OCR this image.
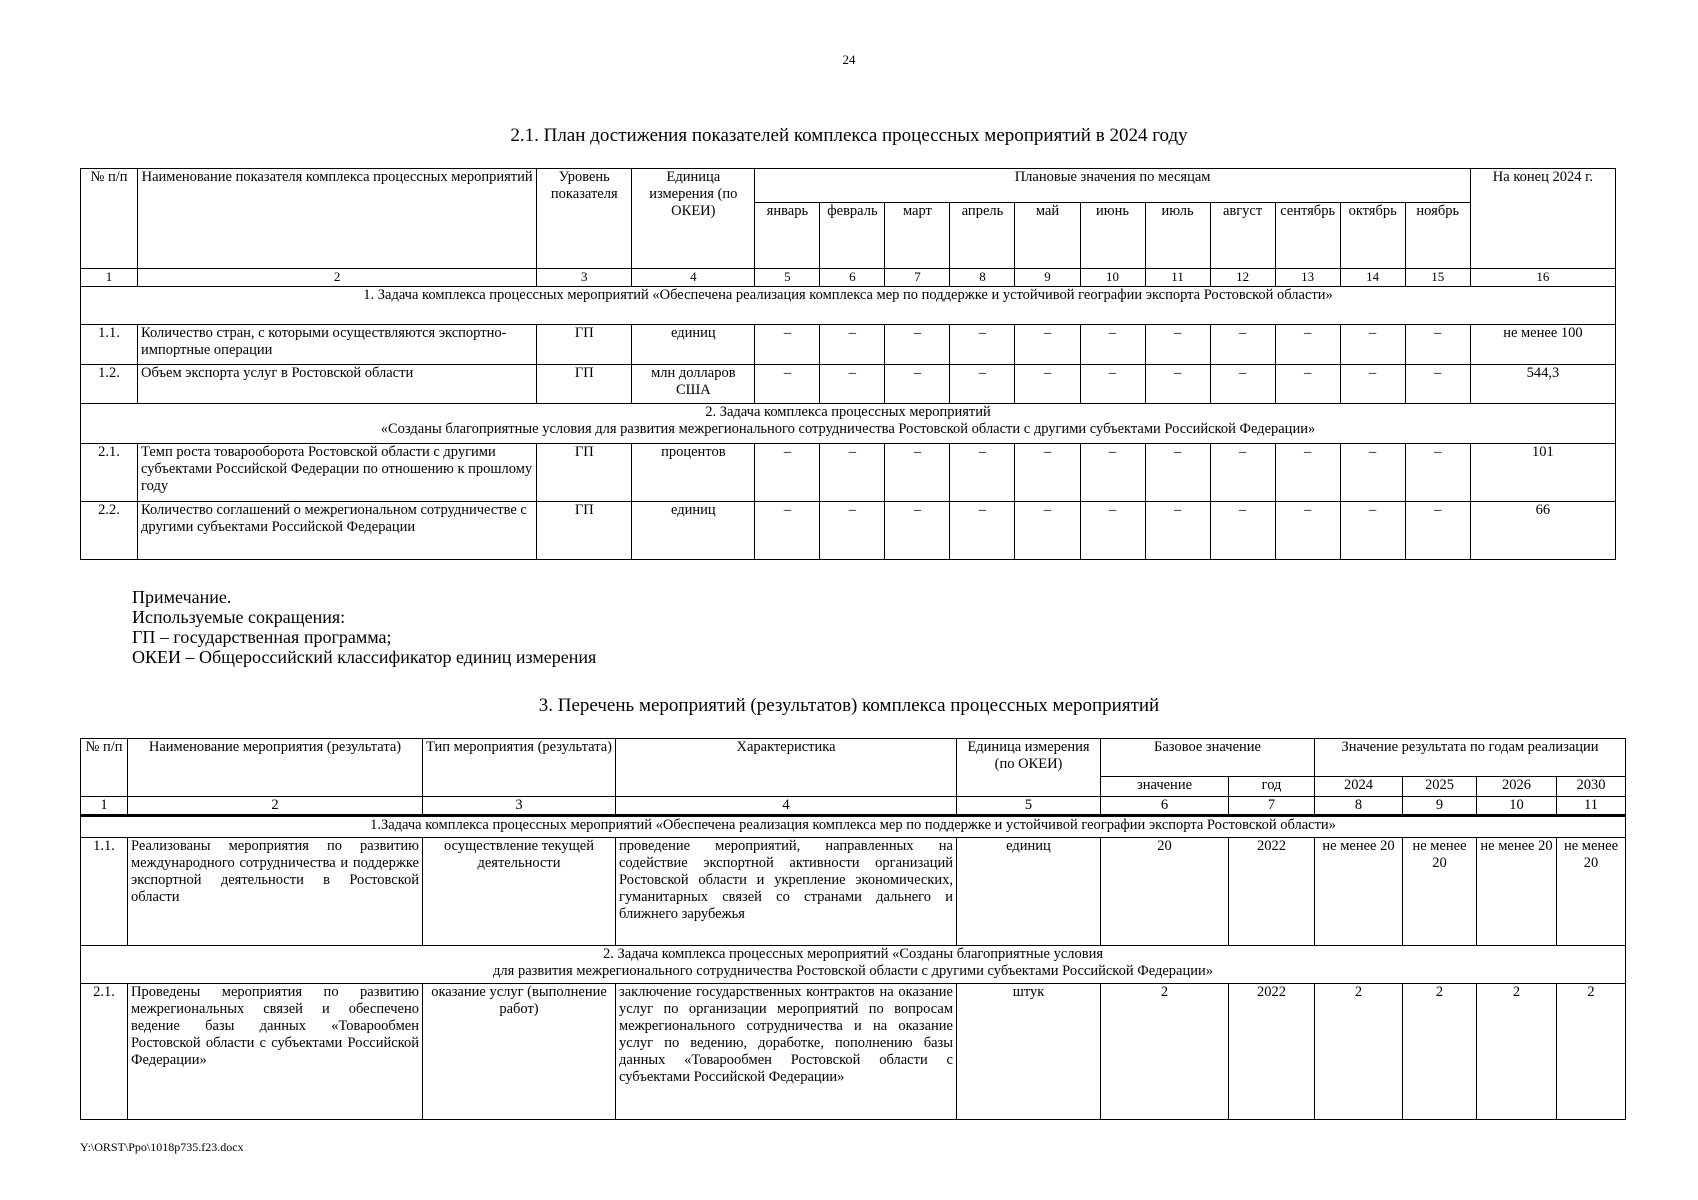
24
2.1. План достижения показателей комплекса процессных мероприятий в 2024 году
№ п/п	Наименование показателя комплекса процессных мероприятий	Уровень показателя	Единица измерения (по ОКЕИ)	Плановые значения по месяцам											На конец 2024 г.
				январь	февраль	март	апрель	май	июнь	июль	август	сентябрь	октябрь	ноябрь	
1	2	3	4	5	6	7	8	9	10	11	12	13	14	15	16
1. Задача комплекса процессных мероприятий «Обеспечена реализация комплекса мер по поддержке и устойчивой географии экспорта Ростовской области»															
1.1.	Количество стран, с которыми осуществляются экспортно-импортные операции	ГП	единиц	–	–	–	–	–	–	–	–	–	–	–	не менее 100
1.2.	Объем экспорта услуг в Ростовской области	ГП	млн долларов США	–	–	–	–	–	–	–	–	–	–	–	544,3

2. Задача комплекса процессных мероприятий
«Созданы благоприятные условия для развития межрегионального сотрудничества Ростовской области с другими субъектами Российской Федерации»															

2.1.	Темп роста товарооборота Ростовской области с другими субъектами Российской Федерации по отношению к прошлому году	ГП	процентов	–	–	–	–	–	–	–	–	–	–	–	101
2.2.	Количество соглашений о межрегиональном сотрудничестве с другими субъектами Российской Федерации	ГП	единиц	–	–	–	–	–	–	–	–	–	–	–	66
Примечание.
Используемые сокращения:
ГП – государственная программа;
ОКЕИ – Общероссийский классификатор единиц измерения
3. Перечень мероприятий (результатов) комплекса процессных мероприятий
№ п/п	Наименование мероприятия (результата)	Тип мероприятия (результата)	Характеристика	Единица измерения (по ОКЕИ)	Базовое значение		Значение результата по годам реализации			
					значение	год	2024	2025	2026	2030
1	2	3	4	5	6	7	8	9	10	11
1.Задача комплекса процессных мероприятий «Обеспечена реализация комплекса мер по поддержке и устойчивой географии экспорта Ростовской области»										
1.1.	Реализованы мероприятия по развитию международного сотрудничества и поддержке экспортной деятельности в Ростовской области	осуществление текущей деятельности	проведение мероприятий, направленных на содействие экспортной активности организаций Ростовской области и укрепление экономических, гуманитарных связей со странами дальнего и ближнего зарубежья	единиц	20	2022	не менее 20	не менее 20	не менее 20	не менее 20

2. Задача комплекса процессных мероприятий «Созданы благоприятные условия
для развития межрегионального сотрудничества Ростовской области с другими субъектами Российской Федерации»										

2.1.	Проведены мероприятия по развитию межрегиональных связей и обеспечено ведение базы данных «Товарообмен Ростовской области с субъектами Российской Федерации»	оказание услуг (выполнение работ)	заключение государственных контрактов на оказание услуг по организации мероприятий по вопросам межрегионального сотрудничества и на оказание услуг по ведению, доработке, пополнению базы данных «Товарообмен Ростовской области с субъектами Российской Федерации»	штук	2	2022	2	2	2	2
Y:\ORST\Ppo\1018p735.f23.docx
